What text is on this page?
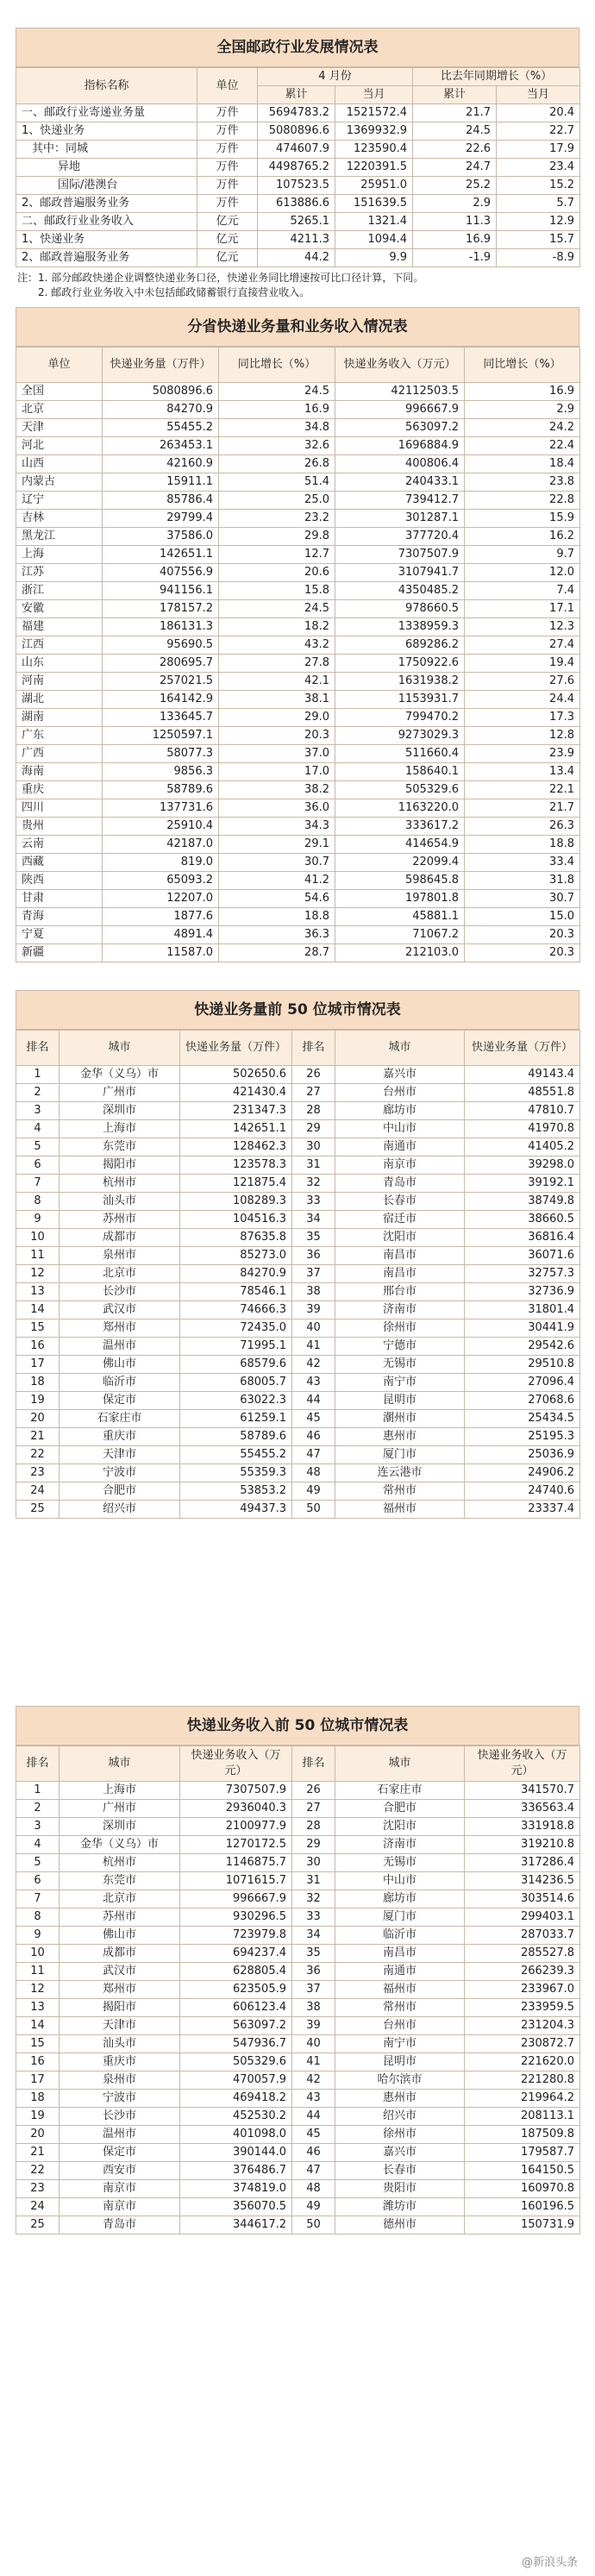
全国邮政行业发展情况表
指标名称	单位	4 月份		比去年同期增长（%）	
		累计	当月	累计	当月
一、邮政行业寄递业务量	万件	5694783.2	1521572.4	21.7	20.4
1、快递业务	万件	5080896.6	1369932.9	24.5	22.7
其中：同城	万件	474607.9	123590.4	22.6	17.9
异地	万件	4498765.2	1220391.5	24.7	23.4
国际/港澳台	万件	107523.5	25951.0	25.2	15.2
2、邮政普遍服务业务	万件	613886.6	151639.5	2.9	5.7
二、邮政行业业务收入	亿元	5265.1	1321.4	11.3	12.9
1、快递业务	亿元	4211.3	1094.4	16.9	15.7
2、邮政普遍服务业务	亿元	44.2	9.9	-1.9	-8.9

注：1. 部分邮政快递企业调整快递业务口径，快递业务同比增速按可比口径计算，下同。

2. 邮政行业业务收入中未包括邮政储蓄银行直接营业收入。

分省快递业务量和业务收入情况表
单位	快递业务量（万件）	同比增长（%）	快递业务收入（万元）	同比增长（%）
全国	5080896.6	24.5	42112503.5	16.9
北京	84270.9	16.9	996667.9	2.9
天津	55455.2	34.8	563097.2	24.2
河北	263453.1	32.6	1696884.9	22.4
山西	42160.9	26.8	400806.4	18.4
内蒙古	15911.1	51.4	240433.1	23.8
辽宁	85786.4	25.0	739412.7	22.8
吉林	29799.4	23.2	301287.1	15.9
黑龙江	37586.0	29.8	377720.4	16.2
上海	142651.1	12.7	7307507.9	9.7
江苏	407556.9	20.6	3107941.7	12.0
浙江	941156.1	15.8	4350485.2	7.4
安徽	178157.2	24.5	978660.5	17.1
福建	186131.3	18.2	1338959.3	12.3
江西	95690.5	43.2	689286.2	27.4
山东	280695.7	27.8	1750922.6	19.4
河南	257021.5	42.1	1631938.2	27.6
湖北	164142.9	38.1	1153931.7	24.4
湖南	133645.7	29.0	799470.2	17.3
广东	1250597.1	20.3	9273029.3	12.8
广西	58077.3	37.0	511660.4	23.9
海南	9856.3	17.0	158640.1	13.4
重庆	58789.6	38.2	505329.6	22.1
四川	137731.6	36.0	1163220.0	21.7
贵州	25910.4	34.3	333617.2	26.3
云南	42187.0	29.1	414654.9	18.8
西藏	819.0	30.7	22099.4	33.4
陕西	65093.2	41.2	598645.8	31.8
甘肃	12207.0	54.6	197801.8	30.7
青海	1877.6	18.8	45881.1	15.0
宁夏	4891.4	36.3	71067.2	20.3
新疆	11587.0	28.7	212103.0	20.3
快递业务量前 50 位城市情况表
排名	城市	快递业务量（万件）	排名	城市	快递业务量（万件）
1	金华（义乌）市	502650.6	26	嘉兴市	49143.4
2	广州市	421430.4	27	台州市	48551.8
3	深圳市	231347.3	28	廊坊市	47810.7
4	上海市	142651.1	29	中山市	41970.8
5	东莞市	128462.3	30	南通市	41405.2
6	揭阳市	123578.3	31	南京市	39298.0
7	杭州市	121875.4	32	青岛市	39192.1
8	汕头市	108289.3	33	长春市	38749.8
9	苏州市	104516.3	34	宿迁市	38660.5
10	成都市	87635.8	35	沈阳市	36816.4
11	泉州市	85273.0	36	南昌市	36071.6
12	北京市	84270.9	37	南昌市	32757.3
13	长沙市	78546.1	38	邢台市	32736.9
14	武汉市	74666.3	39	济南市	31801.4
15	郑州市	72435.0	40	徐州市	30441.9
16	温州市	71995.1	41	宁德市	29542.6
17	佛山市	68579.6	42	无锡市	29510.8
18	临沂市	68005.7	43	南宁市	27096.4
19	保定市	63022.3	44	昆明市	27068.6
20	石家庄市	61259.1	45	潮州市	25434.5
21	重庆市	58789.6	46	惠州市	25195.3
22	天津市	55455.2	47	厦门市	25036.9
23	宁波市	55359.3	48	连云港市	24906.2
24	合肥市	53853.2	49	常州市	24740.6
25	绍兴市	49437.3	50	福州市	23337.4
快递业务收入前 50 位城市情况表
排名	城市	快递业务收入（万元）	排名	城市	快递业务收入（万元）
1	上海市	7307507.9	26	石家庄市	341570.7
2	广州市	2936040.3	27	合肥市	336563.4
3	深圳市	2100977.9	28	沈阳市	331918.8
4	金华（义乌）市	1270172.5	29	济南市	319210.8
5	杭州市	1146875.7	30	无锡市	317286.4
6	东莞市	1071615.7	31	中山市	314236.5
7	北京市	996667.9	32	廊坊市	303514.6
8	苏州市	930296.5	33	厦门市	299403.1
9	佛山市	723979.8	34	临沂市	287033.7
10	成都市	694237.4	35	南昌市	285527.8
11	武汉市	628805.4	36	南通市	266239.3
12	郑州市	623505.9	37	福州市	233967.0
13	揭阳市	606123.4	38	常州市	233959.5
14	天津市	563097.2	39	台州市	231204.3
15	汕头市	547936.7	40	南宁市	230872.7
16	重庆市	505329.6	41	昆明市	221620.0
17	泉州市	470057.9	42	哈尔滨市	221280.8
18	宁波市	469418.2	43	惠州市	219964.2
19	长沙市	452530.2	44	绍兴市	208113.1
20	温州市	401098.0	45	徐州市	187509.8
21	保定市	390144.0	46	嘉兴市	179587.7
22	西安市	376486.7	47	长春市	164150.5
23	南京市	374819.0	48	贵阳市	160970.8
24	南京市	356070.5	49	潍坊市	160196.5
25	青岛市	344617.2	50	德州市	150731.9
@新浪头条
